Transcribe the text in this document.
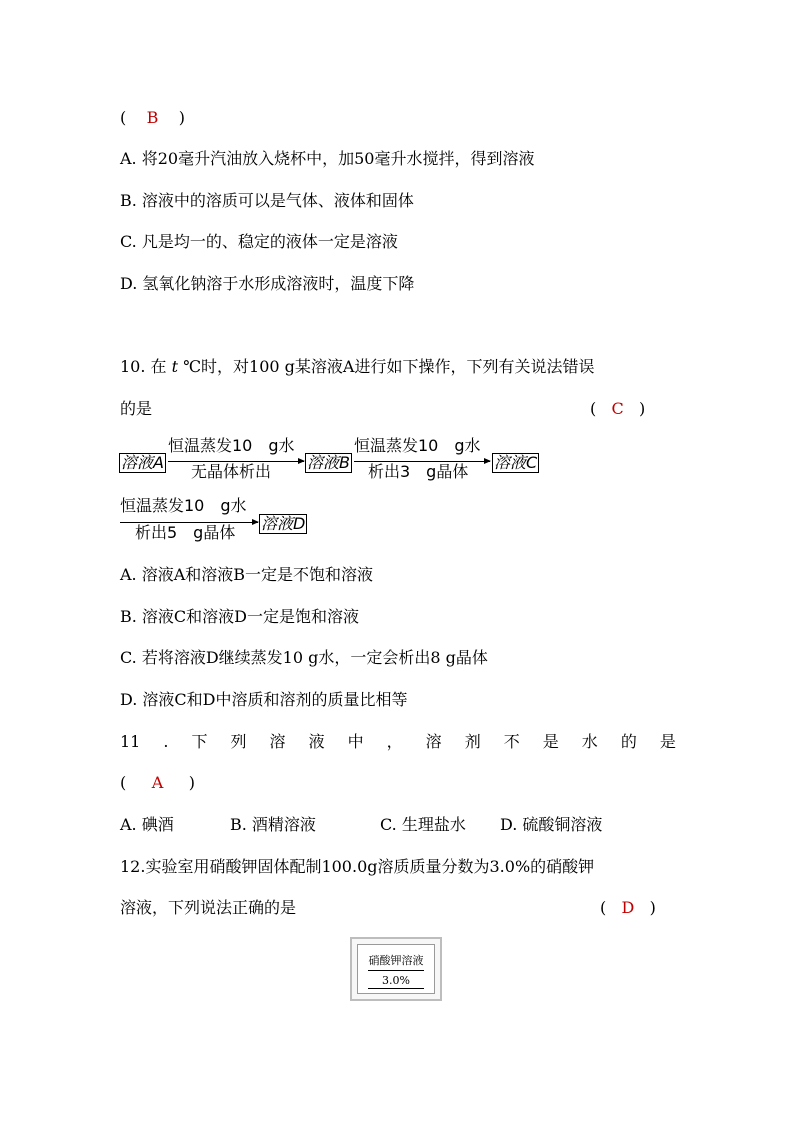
( B )
A. 将20毫升汽油放入烧杯中，加50毫升水搅拌，得到溶液
B. 溶液中的溶质可以是气体、液体和固体
C. 凡是均一的、稳定的液体一定是溶液
D. 氢氧化钠溶于水形成溶液时，温度下降
10. 在 t ℃时，对100 g某溶液A进行如下操作，下列有关说法错误
的是	( C )
溶液A
恒温蒸发10　g水
无晶体析出 溶液B
恒温蒸发10　g水
析出3　g晶体 溶液C
恒温蒸发10　g水
析出5　g晶体 溶液D
A. 溶液A和溶液B一定是不饱和溶液
B. 溶液C和溶液D一定是饱和溶液
C. 若将溶液D继续蒸发10 g水，一定会析出8 g晶体
D. 溶液C和D中溶质和溶剂的质量比相等
11 . 下 列 溶 液 中 ， 溶 剂 不 是 水 的 是
( A )
A. 碘酒	B. 酒精溶液	C. 生理盐水 D. 硫酸铜溶液
12.实验室用硝酸钾固体配制100.0g溶质质量分数为3.0%的硝酸钾
溶液，下列说法正确的是	( D )
硝酸钾溶液
3.0%
